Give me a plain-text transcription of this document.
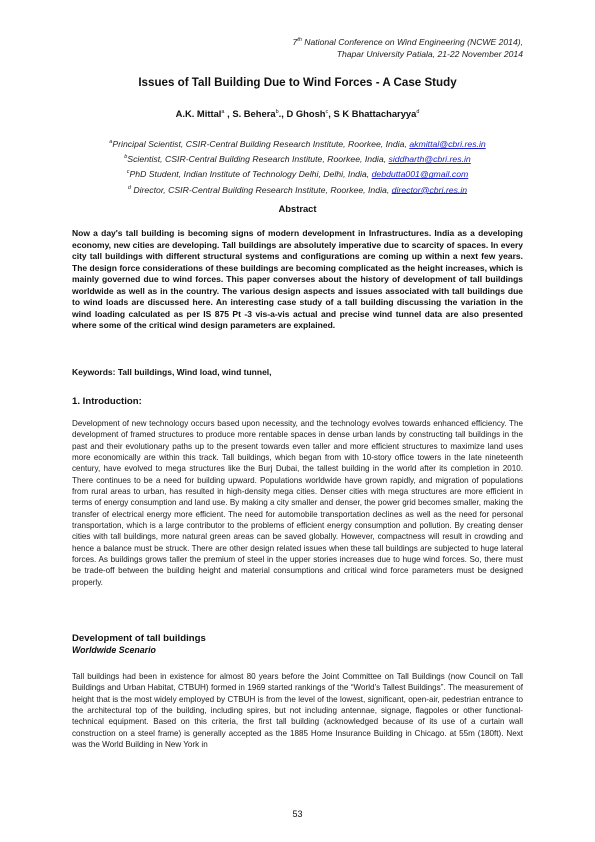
7th National Conference on Wind Engineering (NCWE 2014),
Thapar University Patiala, 21-22 November 2014
Issues of Tall Building Due to Wind Forces - A Case Study
A.K. Mittal$^a$ , S. Behera$^b$., D Ghosh$^c$, S K Bhattacharyya$^d$
$^a$Principal Scientist, CSIR-Central Building Research Institute, Roorkee, India, akmittal@cbri.res.in
$^b$Scientist, CSIR-Central Building Research Institute, Roorkee, India, siddharth@cbri.res.in
$^c$PhD Student, Indian Institute of Technology Delhi, Delhi, India, debdutta001@gmail.com
$^d$ Director, CSIR-Central Building Research Institute, Roorkee, India, director@cbri.res.in
Abstract
Now a day's tall building is becoming signs of modern development in Infrastructures. India as a developing economy, new cities are developing. Tall buildings are absolutely imperative due to scarcity of spaces. In every city tall buildings with different structural systems and configurations are coming up within a next few years. The design force considerations of these buildings are becoming complicated as the height increases, which is mainly governed due to wind forces. This paper converses about the history of development of tall buildings worldwide as well as in the country. The various design aspects and issues associated with tall buildings due to wind loads are discussed here. An interesting case study of a tall building discussing the variation in the wind loading calculated as per IS 875 Pt -3 vis-a-vis actual and precise wind tunnel data are also presented where some of the critical wind design parameters are explained.
Keywords: Tall buildings, Wind load, wind tunnel,
1. Introduction:
Development of new technology occurs based upon necessity, and the technology evolves towards enhanced efficiency. The development of framed structures to produce more rentable spaces in dense urban lands by constructing tall buildings in the past and their evolutionary paths up to the present towards even taller and more efficient structures to maximize land uses more economically are within this track. Tall buildings, which began from with 10-story office towers in the late nineteenth century, have evolved to mega structures like the Burj Dubai, the tallest building in the world after its completion in 2010. There continues to be a need for building upward. Populations worldwide have grown rapidly, and migration of populations from rural areas to urban, has resulted in high-density mega cities. Denser cities with mega structures are more efficient in terms of energy consumption and land use. By making a city smaller and denser, the power grid becomes smaller, making the transfer of electrical energy more efficient. The need for automobile transportation declines as well as the need for personal transportation, which is a large contributor to the problems of efficient energy consumption and pollution. By creating denser cities with tall buildings, more natural green areas can be saved globally. However, compactness will result in crowding and hence a balance must be struck. There are other design related issues when these tall buildings are subjected to huge lateral forces. As buildings grows taller the premium of steel in the upper stories increases due to huge wind forces. So, there must be trade-off between the building height and material consumptions and critical wind force parameters must be designed properly.
Development of tall buildings
Worldwide Scenario
Tall buildings had been in existence for almost 80 years before the Joint Committee on Tall Buildings (now Council on Tall Buildings and Urban Habitat, CTBUH) formed in 1969 started rankings of the “World’s Tallest Buildings”. The measurement of height that is the most widely employed by CTBUH is from the level of the lowest, significant, open-air, pedestrian entrance to the architectural top of the building, including spires, but not including antennae, signage, flagpoles or other functional-technical equipment. Based on this criteria, the first tall building (acknowledged because of its use of a curtain wall construction on a steel frame) is generally accepted as the 1885 Home Insurance Building in Chicago. at 55m (180ft). Next was the World Building in New York in
53
